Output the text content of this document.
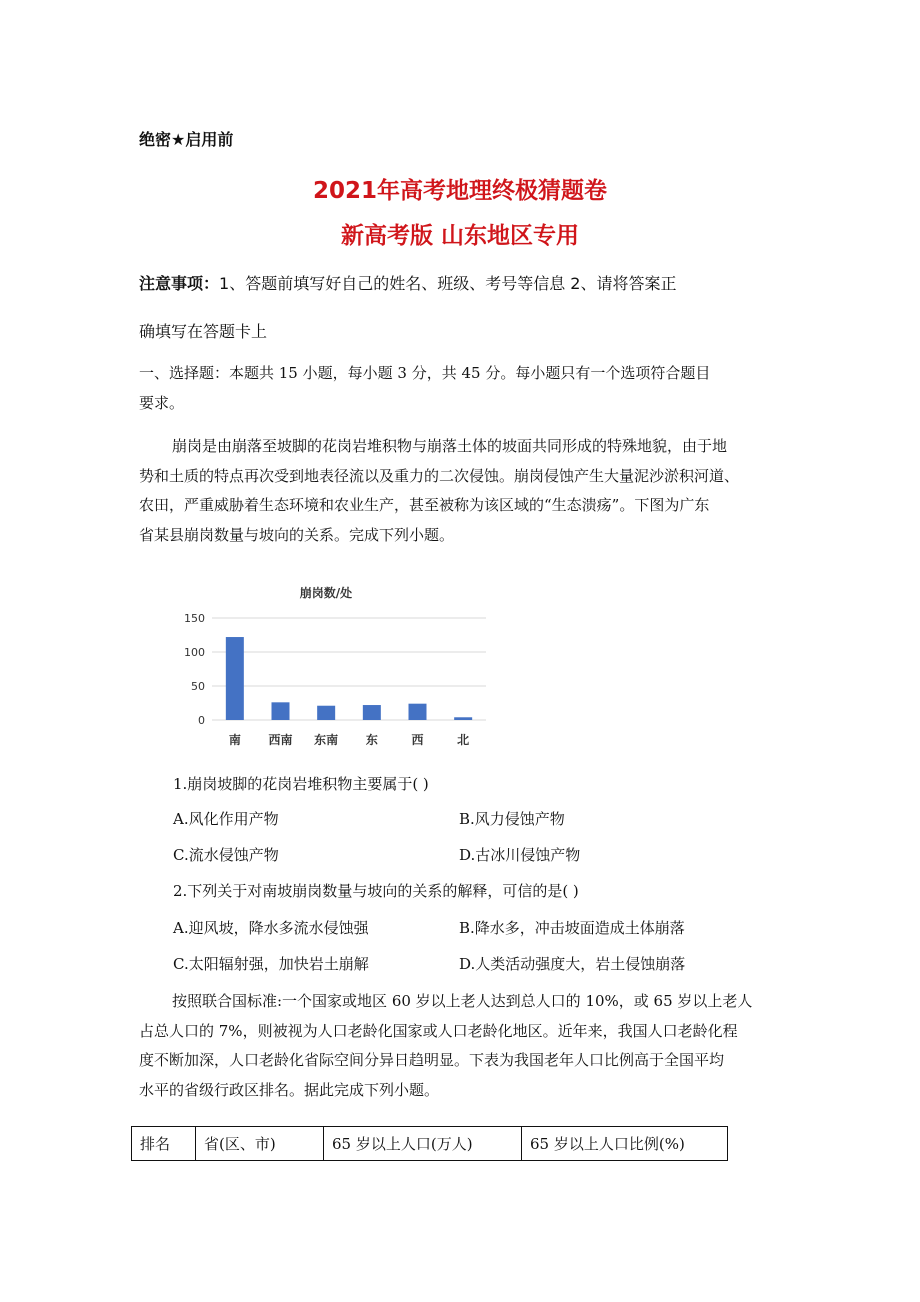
绝密★启用前
2021年高考地理终极猜题卷
新高考版 山东地区专用
注意事项：1、答题前填写好自己的姓名、班级、考号等信息 2、请将答案正
确填写在答题卡上
一、选择题：本题共 15 小题，每小题 3 分，共 45 分。每小题只有一个选项符合题目
要求。
崩岗是由崩落至坡脚的花岗岩堆积物与崩落土体的坡面共同形成的特殊地貌，由于地
势和土质的特点再次受到地表径流以及重力的二次侵蚀。崩岗侵蚀产生大量泥沙淤积河道、
农田，严重威胁着生态环境和农业生产，甚至被称为该区域的“生态溃疡”。下图为广东
省某县崩岗数量与坡向的关系。完成下列小题。
崩岗数/处
0
50
100
150
南 西南 东南 东	西	北
1.崩岗坡脚的花岗岩堆积物主要属于( )
A.风化作用产物	B.风力侵蚀产物
C.流水侵蚀产物	D.古冰川侵蚀产物
2.下列关于对南坡崩岗数量与坡向的关系的解释，可信的是( )
A.迎风坡，降水多流水侵蚀强	B.降水多，冲击坡面造成土体崩落
C.太阳辐射强，加快岩土崩解	D.人类活动强度大，岩土侵蚀崩落
按照联合国标准:一个国家或地区 60 岁以上老人达到总人口的 10%，或 65 岁以上老人
占总人口的 7%，则被视为人口老龄化国家或人口老龄化地区。近年来，我国人口老龄化程
度不断加深，人口老龄化省际空间分异日趋明显。下表为我国老年人口比例高于全国平均
水平的省级行政区排名。据此完成下列小题。
排名	省(区、市)	65 岁以上人口(万人)	65 岁以上人口比例(%)
